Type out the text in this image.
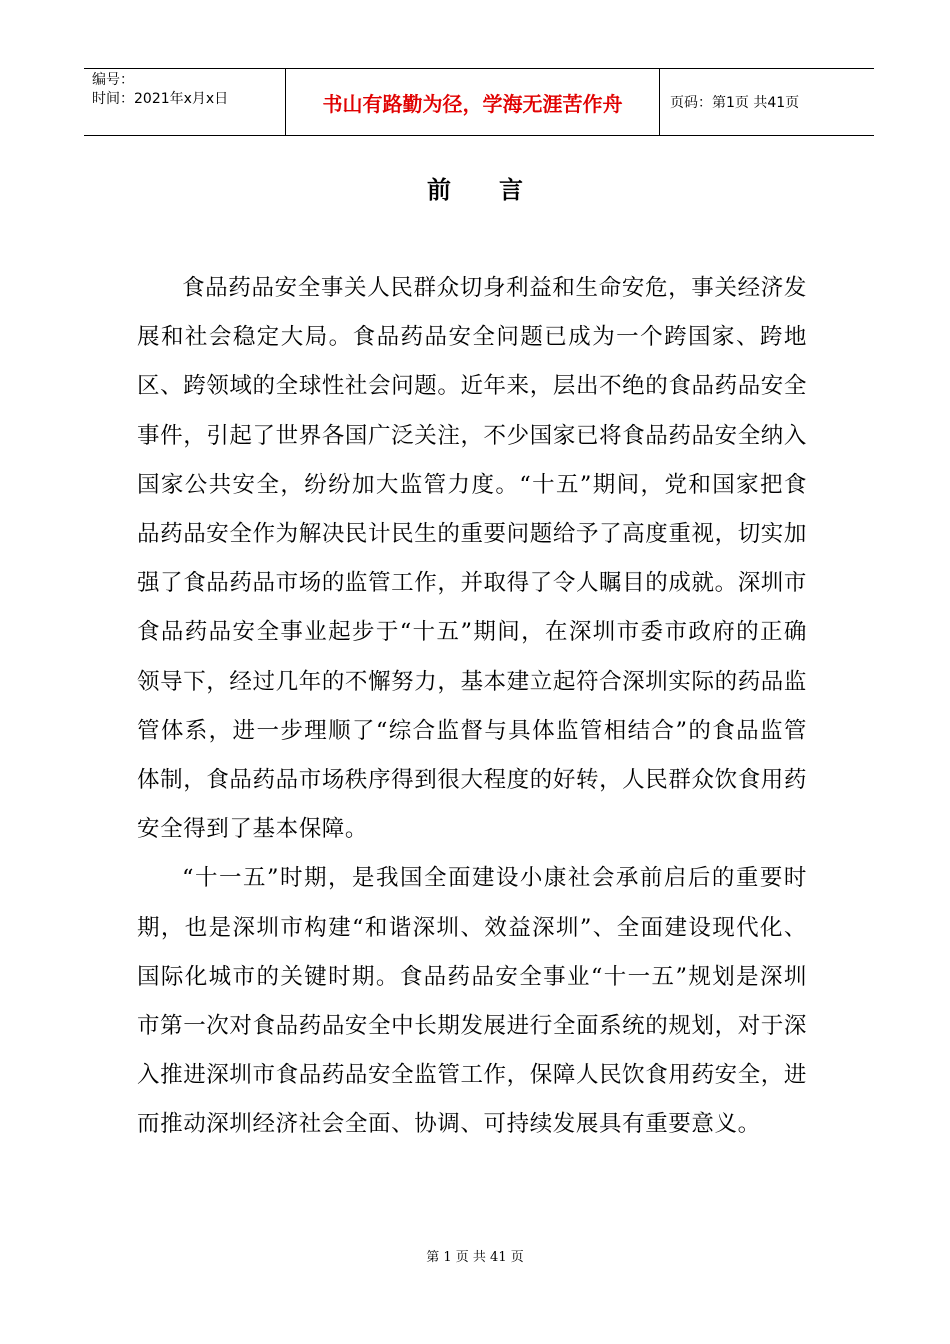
编号：
时间：2021年x月x日	书山有路勤为径，学海无涯苦作舟	页码：第1页 共41页
前言

食品药品安全事关人民群众切身利益和生命安危，事关经济发展和社会稳定大局。食品药品安全问题已成为一个跨国家、跨地区、跨领域的全球性社会问题。近年来，层出不绝的食品药品安全事件，引起了世界各国广泛关注，不少国家已将食品药品安全纳入国家公共安全，纷纷加大监管力度。“十五”期间，党和国家把食品药品安全作为解决民计民生的重要问题给予了高度重视，切实加强了食品药品市场的监管工作，并取得了令人瞩目的成就。深圳市食品药品安全事业起步于“十五”期间，在深圳市委市政府的正确领导下，经过几年的不懈努力，基本建立起符合深圳实际的药品监管体系，进一步理顺了“综合监督与具体监管相结合”的食品监管体制，食品药品市场秩序得到很大程度的好转，人民群众饮食用药安全得到了基本保障。

“十一五”时期，是我国全面建设小康社会承前启后的重要时期，也是深圳市构建“和谐深圳、效益深圳”、全面建设现代化、国际化城市的关键时期。食品药品安全事业“十一五”规划是深圳市第一次对食品药品安全中长期发展进行全面系统的规划，对于深入推进深圳市食品药品安全监管工作，保障人民饮食用药安全，进而推动深圳经济社会全面、协调、可持续发展具有重要意义。

第 1 页 共 41 页
